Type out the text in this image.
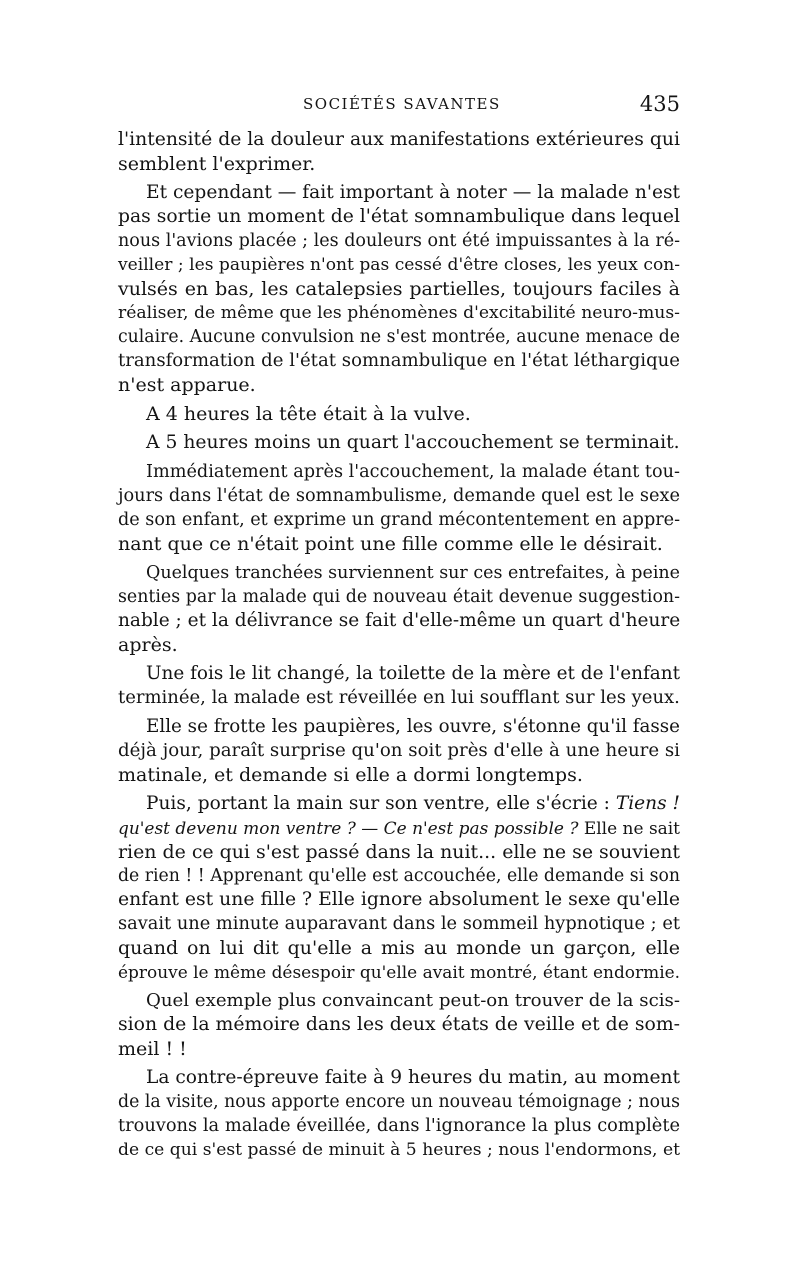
SOCIÉTÉS SAVANTES	435
l'intensité de la douleur aux manifestations extérieures qui
semblent l'exprimer.
Et cependant — fait important à noter — la malade n'est
pas sortie un moment de l'état somnambulique dans lequel
nous l'avions placée ; les douleurs ont été impuissantes à la ré-
veiller ; les paupières n'ont pas cessé d'être closes, les yeux con-
vulsés en bas, les catalepsies partielles, toujours faciles à
réaliser, de même que les phénomènes d'excitabilité neuro-mus-
culaire. Aucune convulsion ne s'est montrée, aucune menace de
transformation de l'état somnambulique en l'état léthargique
n'est apparue.
A 4 heures la tête était à la vulve.
A 5 heures moins un quart l'accouchement se terminait.
Immédiatement après l'accouchement, la malade étant tou-
jours dans l'état de somnambulisme, demande quel est le sexe
de son enfant, et exprime un grand mécontentement en appre-
nant que ce n'était point une fille comme elle le désirait.
Quelques tranchées surviennent sur ces entrefaites, à peine
senties par la malade qui de nouveau était devenue suggestion-
nable ; et la délivrance se fait d'elle-même un quart d'heure
après.
Une fois le lit changé, la toilette de la mère et de l'enfant
terminée, la malade est réveillée en lui soufflant sur les yeux.
Elle se frotte les paupières, les ouvre, s'étonne qu'il fasse
déjà jour, paraît surprise qu'on soit près d'elle à une heure si
matinale, et demande si elle a dormi longtemps.
Puis, portant la main sur son ventre, elle s'écrie : Tiens !
qu'est devenu mon ventre ? — Ce n'est pas possible ? Elle ne sait
rien de ce qui s'est passé dans la nuit... elle ne se souvient
de rien ! ! Apprenant qu'elle est accouchée, elle demande si son
enfant est une fille ? Elle ignore absolument le sexe qu'elle
savait une minute auparavant dans le sommeil hypnotique ; et
quand on lui dit qu'elle a mis au monde un garçon, elle
éprouve le même désespoir qu'elle avait montré, étant endormie.
Quel exemple plus convaincant peut-on trouver de la scis-
sion de la mémoire dans les deux états de veille et de som-
meil ! !
La contre-épreuve faite à 9 heures du matin, au moment
de la visite, nous apporte encore un nouveau témoignage ; nous
trouvons la malade éveillée, dans l'ignorance la plus complète
de ce qui s'est passé de minuit à 5 heures ; nous l'endormons, et
